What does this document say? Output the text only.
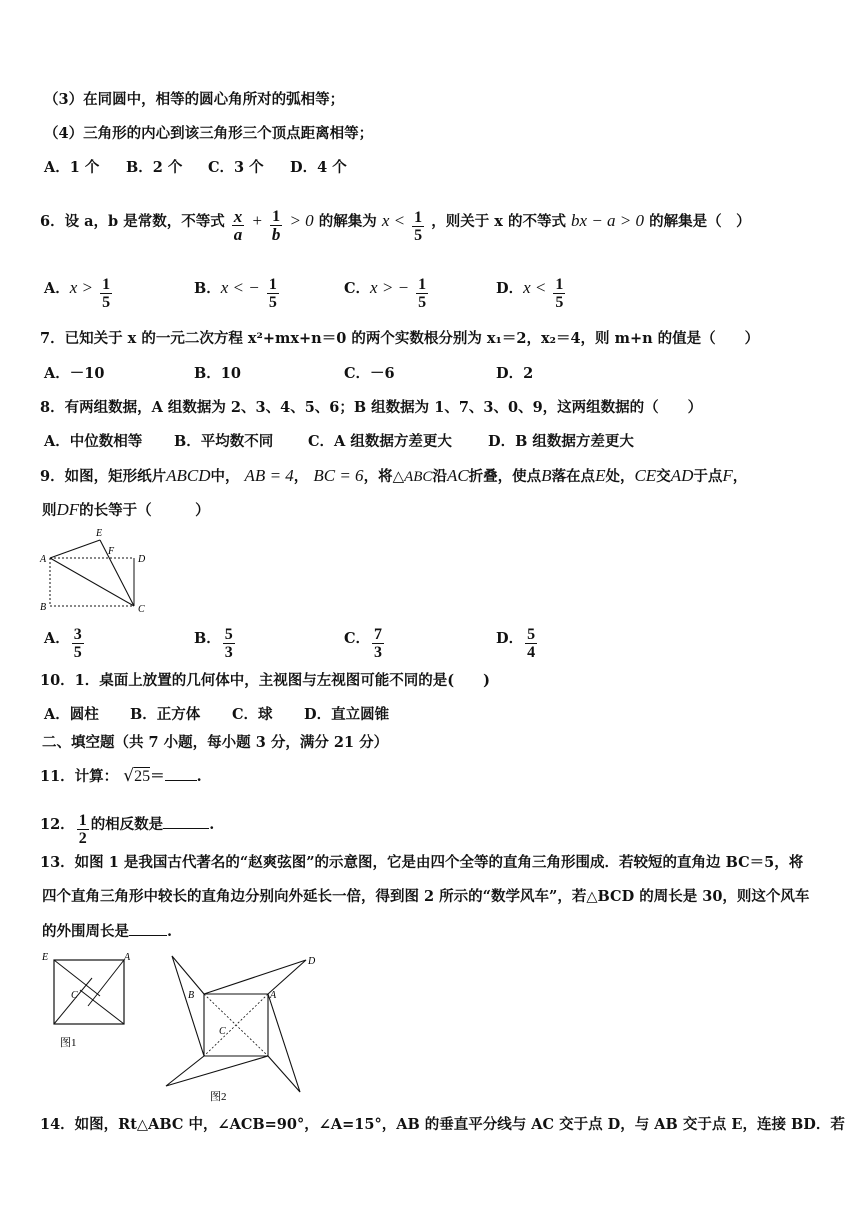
（3）在同圆中，相等的圆心角所对的弧相等；
（4）三角形的内心到该三角形三个顶点距离相等；
A．1 个 B．2 个 C．3 个 D．4 个
6．设 a，b 是常数，不等式 $\frac{x}{a} + \frac{1}{b} > 0$ 的解集为 $x < \frac{1}{5}$ ，则关于 x 的不等式 bx − a > 0 的解集是（　）
A．$x > \frac{1}{5}$	B．x < − $\frac{1}{5}$	C．x > − $\frac{1}{5}$	D．$x < \frac{1}{5}$
7．已知关于 x 的一元二次方程 x²+mx+n＝0 的两个实数根分别为 x₁＝2，x₂＝4，则 m+n 的值是（　　）
A．－10	B．10	C．－6	D．2
8．有两组数据，A 组数据为 2、3、4、5、6；B 组数据为 1、7、3、0、9，这两组数据的（　　）
A．中位数相等 B．平均数不同 C．A 组数据方差更大 D．B 组数据方差更大
9．如图，矩形纸片ABCD中， AB = 4， BC = 6，将△ABC沿AC折叠，使点B落在点E处，CE交AD于点F，
则DF的长等于（　　　）
A
E
F
D
B	C
A． $\frac{3}{5}$	B． $\frac{5}{3}$	C． $\frac{7}{3}$	D． $\frac{5}{4}$
10．1．桌面上放置的几何体中，主视图与左视图可能不同的是(　　)
A．圆柱 B．正方体 C．球 D．直立圆锥
二、填空题（共 7 小题，每小题 3 分，满分 21 分）
11．计算： √25＝ .
12． $\frac{1}{2}$ 的相反数是	.
13．如图 1 是我国古代著名的“赵爽弦图”的示意图，它是由四个全等的直角三角形围成．若较短的直角边 BC＝5，将
四个直角三角形中较长的直角边分别向外延长一倍，得到图 2 所示的“数学风车”，若△BCD 的周长是 30，则这个风车
的外围周长是	.
E	A
C
图1
B	A
D
C
图2
14．如图，Rt△ABC 中，∠ACB=90°，∠A=15°，AB 的垂直平分线与 AC 交于点 D，与 AB 交于点 E，连接 BD．若
